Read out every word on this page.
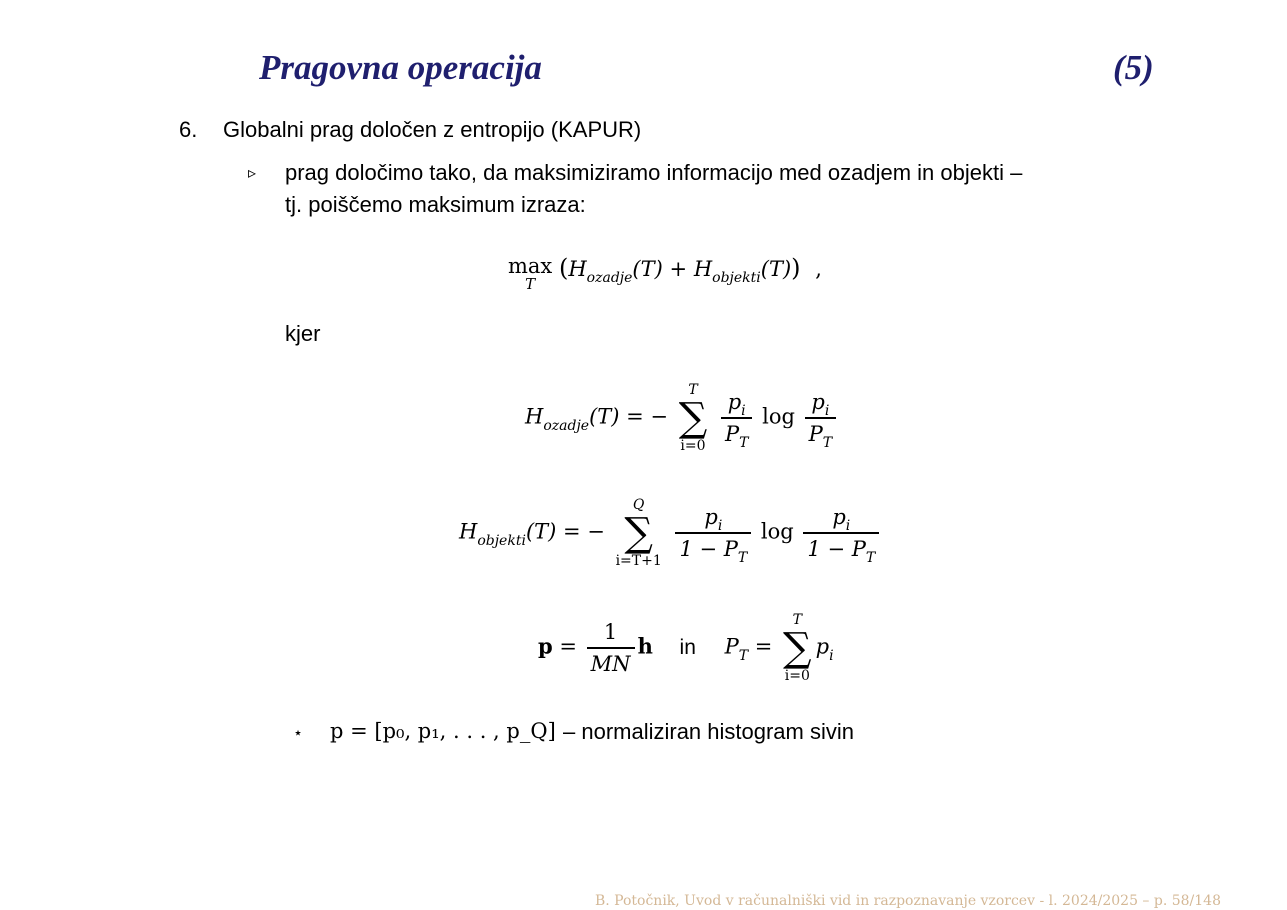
Pragovna operacija	(5)
6. Globalni prag določen z entropijo (KAPUR)
▹ prag določimo tako, da maksimiziramo informacijo med ozadjem in objekti –
tj. poiščemo maksimum izraza:
max
T
$(H_{ozadje}(T) + H_{objekti}(T))$ ,
kjer
$H_{ozadje}(T)$ = −
T
∑
i=0
$\frac{p_i}{P_T}$ $\log \frac{p_i}{P_T}$
$H_{objekti}(T)$ = −
Q
∑
i=T+1
$\frac{p_i}{1 - P_T}$ $\log \frac{p_i}{1 - P_T}$
$p = \frac{1}{MN}$ h in $P_T$ =
T
∑
i=0
$p_i$
⋆ p = [p₀, p₁, . . . , p_Q] – normaliziran histogram sivin
B. Potočnik, Uvod v računalniški vid in razpoznavanje vzorcev - l. 2024/2025 – p. 58/148
